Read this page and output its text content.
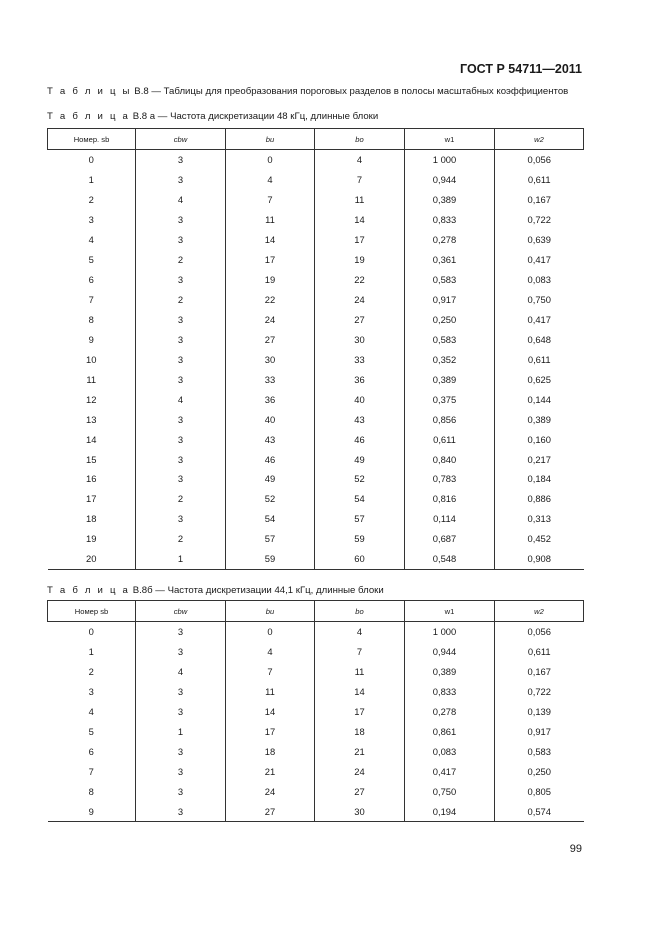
ГОСТ Р 54711—2011
Т а б л и ц ы В.8 — Таблицы для преобразования пороговых разделов в полосы масштабных коэффициентов
Т а б л и ц а В.8 а — Частота дискретизации 48 кГц, длинные блоки
Номер. sb	cbw	bu	bo	w1	w2
0	3	0	4	1 000	0,056
1	3	4	7	0,944	0,611
2	4	7	11	0,389	0,167
3	3	11	14	0,833	0,722
4	3	14	17	0,278	0,639
5	2	17	19	0,361	0,417
6	3	19	22	0,583	0,083
7	2	22	24	0,917	0,750
8	3	24	27	0,250	0,417
9	3	27	30	0,583	0,648
10	3	30	33	0,352	0,611
11	3	33	36	0,389	0,625
12	4	36	40	0,375	0,144
13	3	40	43	0,856	0,389
14	3	43	46	0,611	0,160
15	3	46	49	0,840	0,217
16	3	49	52	0,783	0,184
17	2	52	54	0,816	0,886
18	3	54	57	0,114	0,313
19	2	57	59	0,687	0,452
20	1	59	60	0,548	0,908
Т а б л и ц а В.8б — Частота дискретизации 44,1 кГц, длинные блоки
Номер sb	cbw	bu	bo	w1	w2
0	3	0	4	1 000	0,056
1	3	4	7	0,944	0,611
2	4	7	11	0,389	0,167
3	3	11	14	0,833	0,722
4	3	14	17	0,278	0,139
5	1	17	18	0,861	0,917
6	3	18	21	0,083	0,583
7	3	21	24	0,417	0,250
8	3	24	27	0,750	0,805
9	3	27	30	0,194	0,574
99
